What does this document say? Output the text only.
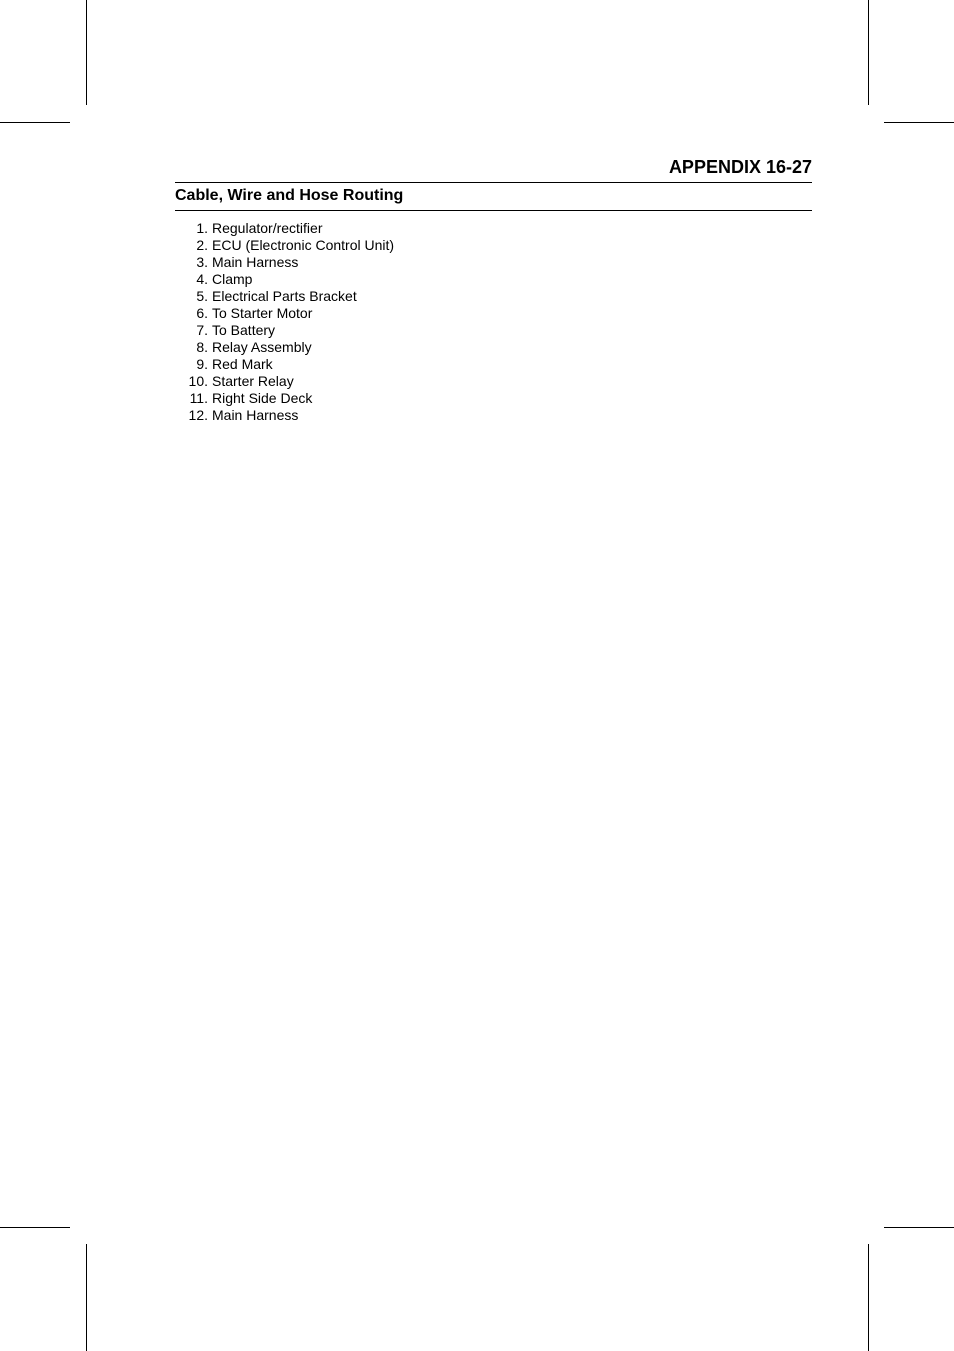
APPENDIX 16-27

Cable, Wire and Hose Routing

1. Regulator/rectifier
2. ECU (Electronic Control Unit)
3. Main Harness
4. Clamp
5. Electrical Parts Bracket
6. To Starter Motor
7. To Battery
8. Relay Assembly
9. Red Mark
10. Starter Relay
11. Right Side Deck
12. Main Harness
